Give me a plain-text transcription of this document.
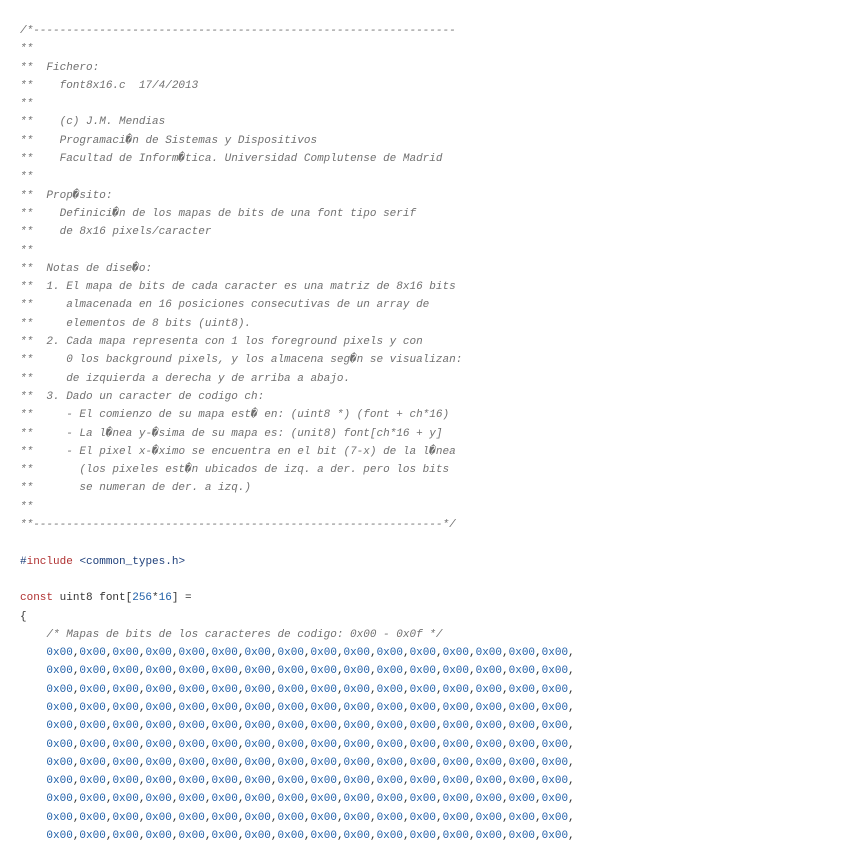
/*----------------------------------------------------------------
**
**  Fichero:
**    font8x16.c  17/4/2013
**
**    (c) J.M. Mendias
**    Programaci�n de Sistemas y Dispositivos
**    Facultad de Inform�tica. Universidad Complutense de Madrid
**
**  Prop�sito:
**    Definici�n de los mapas de bits de una font tipo serif
**    de 8x16 pixels/caracter
**
**  Notas de dise�o:
**  1. El mapa de bits de cada caracter es una matriz de 8x16 bits
**     almacenada en 16 posiciones consecutivas de un array de
**     elementos de 8 bits (uint8).
**  2. Cada mapa representa con 1 los foreground pixels y con
**     0 los background pixels, y los almacena seg�n se visualizan:
**     de izquierda a derecha y de arriba a abajo.
**  3. Dado un caracter de codigo ch:
**     - El comienzo de su mapa est� en: (uint8 *) (font + ch*16)
**     - La l�nea y-�sima de su mapa es: (unit8) font[ch*16 + y]
**     - El pixel x-�ximo se encuentra en el bit (7-x) de la l�nea
**       (los pixeles est�n ubicados de izq. a der. pero los bits
**       se numeran de der. a izq.)
**
**--------------------------------------------------------------*/

#include <common_types.h>

const uint8 font[256*16] =
{
/* Mapas de bits de los caracteres de codigo: 0x00 - 0x0f */
0x00,0x00,0x00,0x00,0x00,0x00,0x00,0x00,0x00,0x00,0x00,0x00,0x00,0x00,0x00,0x00,
0x00,0x00,0x00,0x00,0x00,0x00,0x00,0x00,0x00,0x00,0x00,0x00,0x00,0x00,0x00,0x00,
0x00,0x00,0x00,0x00,0x00,0x00,0x00,0x00,0x00,0x00,0x00,0x00,0x00,0x00,0x00,0x00,
0x00,0x00,0x00,0x00,0x00,0x00,0x00,0x00,0x00,0x00,0x00,0x00,0x00,0x00,0x00,0x00,
0x00,0x00,0x00,0x00,0x00,0x00,0x00,0x00,0x00,0x00,0x00,0x00,0x00,0x00,0x00,0x00,
0x00,0x00,0x00,0x00,0x00,0x00,0x00,0x00,0x00,0x00,0x00,0x00,0x00,0x00,0x00,0x00,
0x00,0x00,0x00,0x00,0x00,0x00,0x00,0x00,0x00,0x00,0x00,0x00,0x00,0x00,0x00,0x00,
0x00,0x00,0x00,0x00,0x00,0x00,0x00,0x00,0x00,0x00,0x00,0x00,0x00,0x00,0x00,0x00,
0x00,0x00,0x00,0x00,0x00,0x00,0x00,0x00,0x00,0x00,0x00,0x00,0x00,0x00,0x00,0x00,
0x00,0x00,0x00,0x00,0x00,0x00,0x00,0x00,0x00,0x00,0x00,0x00,0x00,0x00,0x00,0x00,
0x00,0x00,0x00,0x00,0x00,0x00,0x00,0x00,0x00,0x00,0x00,0x00,0x00,0x00,0x00,0x00,
